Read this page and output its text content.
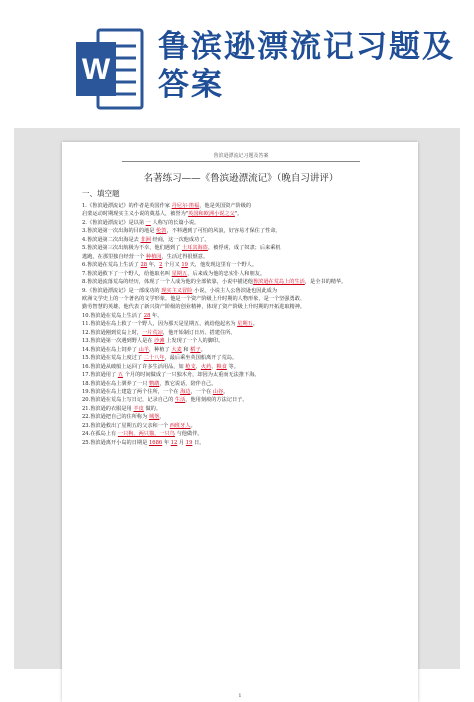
W
鲁滨逊漂流记习题及答案
鲁滨逊漂流记习题及答案
名著练习——《鲁滨逊漂流记》（晚自习讲评）
一、填空题
1.《鲁滨逊漂流记》的作者是英国作家 丹尼尔·笛福，他是英国资产阶级的
启蒙运动时期现实主义小说的奠基人，被誉为"英国和欧洲小说之父"。
2.《鲁滨逊漂流记》是以第 一 人称写的长篇小说。
3.鲁滨逊第一次出海的目的地是 伦敦，不料遇到了可怕的风浪，好容易才保住了性命。
4.鲁滨逊第二次出海是去 非洲 经商，这一次他成功了。
5.鲁滨逊第三次出航极为不幸，他们遇到了 土耳其海盗，被俘虏，成了奴隶；后来乘机
逃跑，在那里独自经营一个 种植园，生活过得很惬意。
6.鲁滨逊在荒岛上生活了 28 年，2 个月又 19 天，他发现这里有一个野人。
7.鲁滨逊救下了一个野人，给他取名叫 星期五，后来成为他的忠实仆人和朋友。
8.鲁滨逊流落荒岛的经历，体现了一个人成为他的全部依靠，小说中描述他鲁滨逊在荒岛上的生活，是全书的精华。
9.《鲁滨逊漂流记》是一部成功的 现实主义冒险 小说，小说主人公鲁滨逊也因此成为
欧洲文学史上的一个著名的文学形象。他是一个资产阶级上升时期的人物形象，是一个坚强勇敢、
勤劳智慧的英雄。他代表了新兴资产阶级的创业精神，体现了资产阶级上升时期的开拓进取精神。
10.鲁滨逊在荒岛上生活了 28 年。
11.鲁滨逊在岛上救了一个野人，因为那天是星期五，就给他起名为 星期五。
12.鲁滨逊刚到荒岛上时，一片荒凉，他开始制订日历、搭建住所。
13.鲁滨逊第一次遇到野人是在 沙滩 上发现了一个人的脚印。
14.鲁滨逊在岛上饲养了 山羊，种植了 大麦 和 稻子。
15.鲁滨逊在荒岛上度过了 二十八年，最后乘坐英国船离开了荒岛。
16.鲁滨逊从破船上运回了许多生活用品，如 枪支、火药、粮食 等。
17.鲁滨逊用了 五 个月的时间做成了一只独木舟，却因为太重而无法推下海。
18.鲁滨逊在岛上驯养了一只 鹦鹉，教它说话，陪伴自己。
19.鲁滨逊在岛上建造了两个住所，一个在 海边，一个在 山谷。
20.鲁滨逊在荒岛上写日记，记录自己的 生活，他用刻痕的方法记日子。
21.鲁滨逊的衣服是用 羊皮 做的。
22.鲁滨逊把自己的住所称为 城堡。
23.鲁滨逊救出了星期五的父亲和一个 西班牙人。
24.在孤岛上有 一只狗、两只猫、一只鸟 与他做伴。
25.鲁滨逊离开小岛的日期是 1686 年 12 月 19 日。
1
